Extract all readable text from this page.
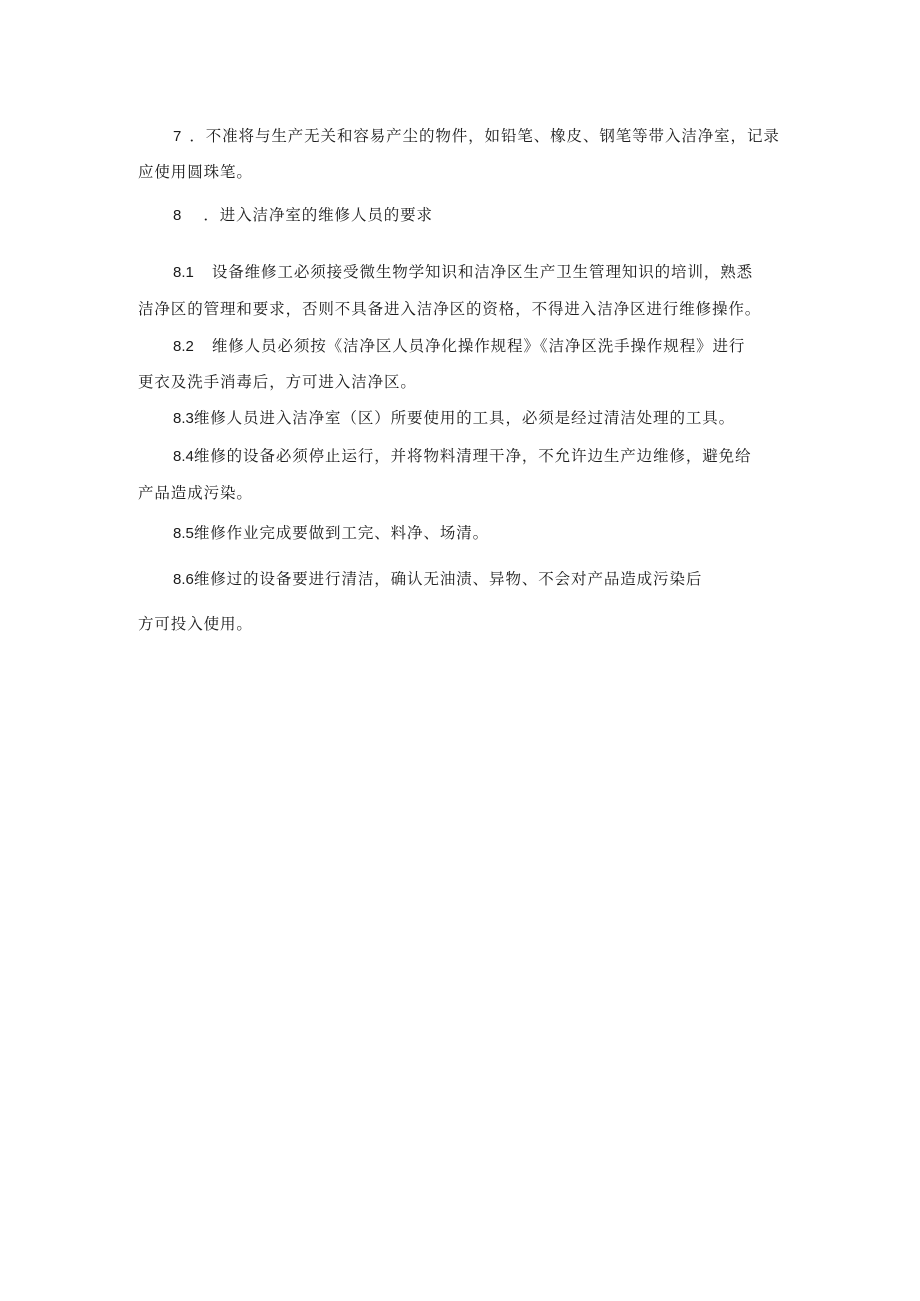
7 ．不准将与生产无关和容易产尘的物件，如铅笔、橡皮、钢笔等带入洁净室，记录
应使用圆珠笔。
8 ．进入洁净室的维修人员的要求
8.1 设备维修工必须接受微生物学知识和洁净区生产卫生管理知识的培训，熟悉
洁净区的管理和要求，否则不具备进入洁净区的资格，不得进入洁净区进行维修操作。
8.2 维修人员必须按《洁净区人员净化操作规程》《洁净区洗手操作规程》进行
更衣及洗手消毒后，方可进入洁净区。
8.3维修人员进入洁净室（区）所要使用的工具，必须是经过清洁处理的工具。
8.4维修的设备必须停止运行，并将物料清理干净，不允许边生产边维修，避免给
产品造成污染。
8.5维修作业完成要做到工完、料净、场清。
8.6维修过的设备要进行清洁，确认无油渍、异物、不会对产品造成污染后
方可投入使用。
